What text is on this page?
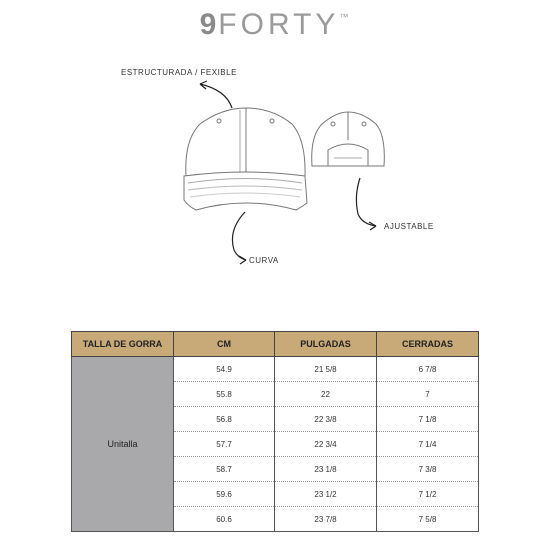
9FORTY™
ESTRUCTURADA / FEXIBLE
AJUSTABLE
CURVA
TALLA DE GORRA	CM	PULGADAS	CERRADAS
Unitalla	54.9	21 5/8	6 7/8
	55.8	22	7
	56.8	22 3/8	7 1/8
	57.7	22 3/4	7 1/4
	58.7	23 1/8	7 3/8
	59.6	23 1/2	7 1/2
	60.6	23 7/8	7 5/8
